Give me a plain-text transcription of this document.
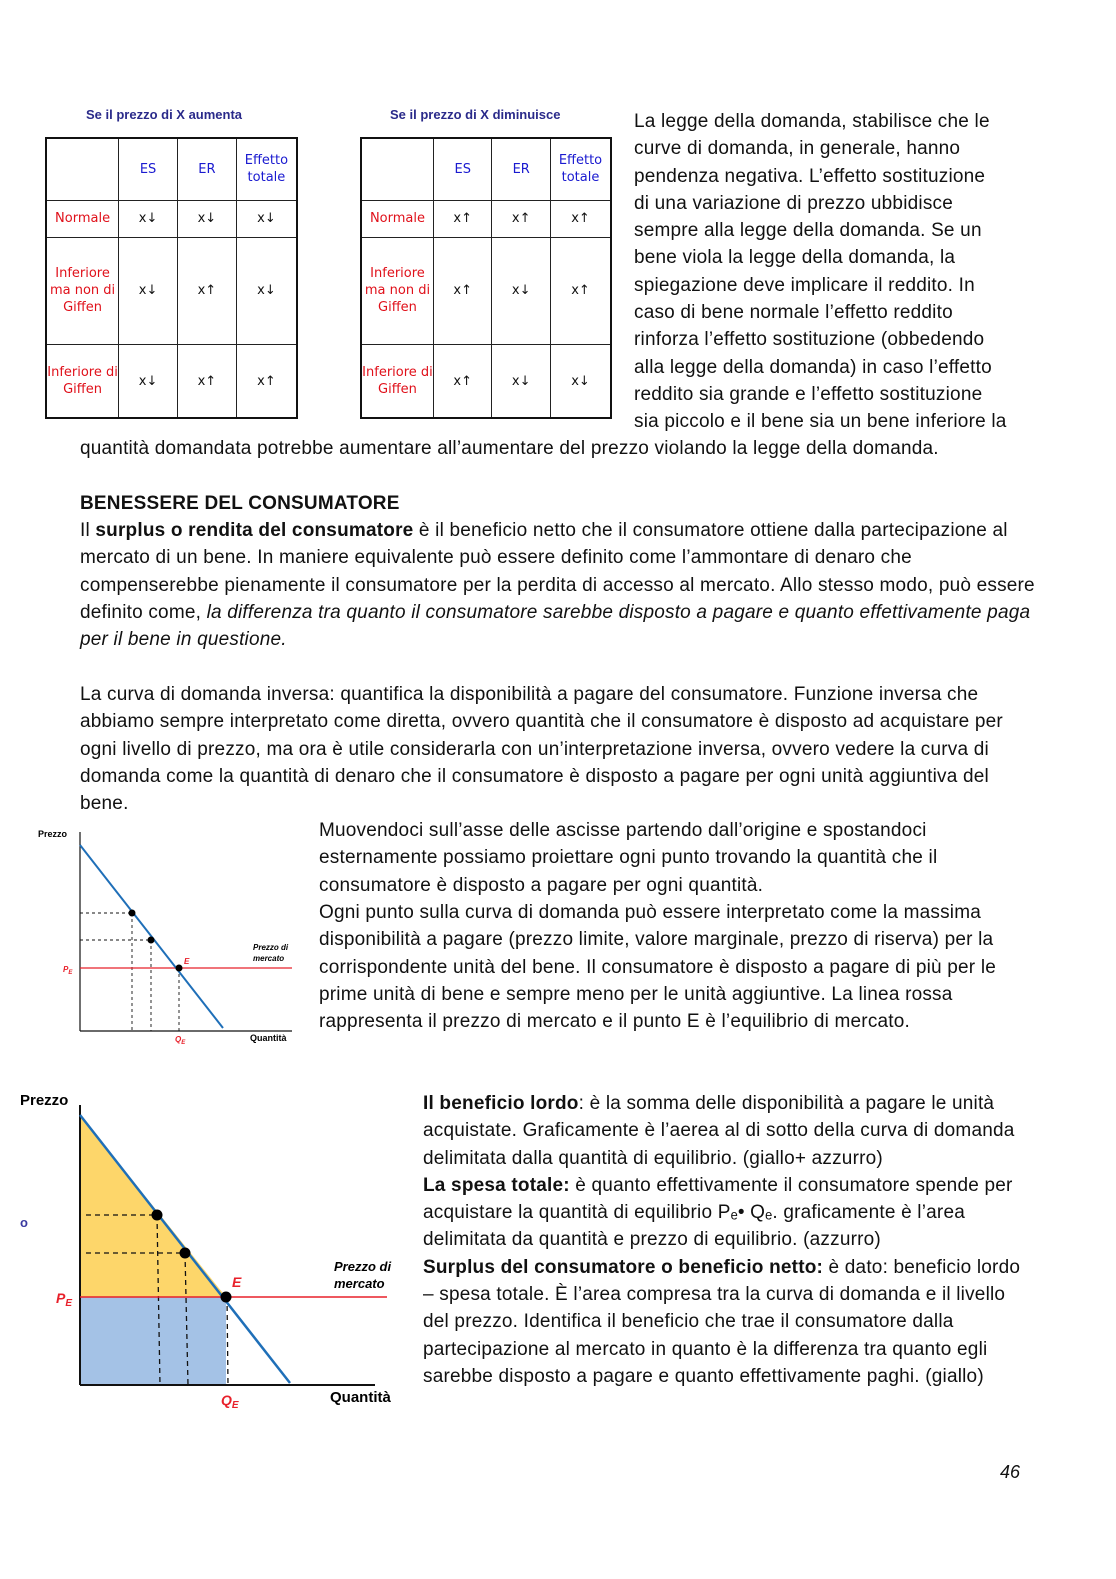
Se il prezzo di X aumenta
	ES	ER	Effetto totale
Normale	x↓	x↓	x↓
Inferiore ma non di Giffen	x↓	x↑	x↓
Inferiore di Giffen	x↓	x↑	x↑
Se il prezzo di X diminuisce
	ES	ER	Effetto totale
Normale	x↑	x↑	x↑
Inferiore ma non di Giffen	x↑	x↓	x↑
Inferiore di Giffen	x↑	x↓	x↓
La legge della domanda, stabilisce che le
curve di domanda, in generale, hanno
pendenza negativa. L’effetto sostituzione
di una variazione di prezzo ubbidisce
sempre alla legge della domanda. Se un
bene viola la legge della domanda, la
spiegazione deve implicare il reddito. In
caso di bene normale l’effetto reddito
rinforza l’effetto sostituzione (obbedendo
alla legge della domanda) in caso l’effetto
reddito sia grande e l’effetto sostituzione
sia piccolo e il bene sia un bene inferiore la
quantità domandata potrebbe aumentare all’aumentare del prezzo violando la legge della domanda.
BENESSERE DEL CONSUMATORE
Il surplus o rendita del consumatore è il beneficio netto che il consumatore ottiene dalla partecipazione al mercato di un bene. In maniere equivalente può essere definito come l’ammontare di denaro che compenserebbe pienamente il consumatore per la perdita di accesso al mercato. Allo stesso modo, può essere definito come, la differenza tra quanto il consumatore sarebbe disposto a pagare e quanto effettivamente paga per il bene in questione.
La curva di domanda inversa: quantifica la disponibilità a pagare del consumatore. Funzione inversa che abbiamo sempre interpretato come diretta, ovvero quantità che il consumatore è disposto ad acquistare per ogni livello di prezzo, ma ora è utile considerarla con un’interpretazione inversa, ovvero vedere la curva di domanda come la quantità di denaro che il consumatore è disposto a pagare per ogni unità aggiuntiva del bene.
Prezzo
Quantità
$P_E$
$Q_E$
E
Prezzo di
mercato
Muovendoci sull’asse delle ascisse partendo dall’origine e spostandoci esternamente possiamo proiettare ogni punto trovando la quantità che il consumatore è disposto a pagare per ogni quantità.
Ogni punto sulla curva di domanda può essere interpretato come la massima disponibilità a pagare (prezzo limite, valore marginale, prezzo di riserva) per la corrispondente unità del bene. Il consumatore è disposto a pagare di più per le prime unità di bene e sempre meno per le unità aggiuntive. La linea rossa rappresenta il prezzo di mercato e il punto E è l’equilibrio di mercato.
Prezzo
Quantità
o
$P_E$
$Q_E$
E
Prezzo di
mercato
Il beneficio lordo: è la somma delle disponibilità a pagare le unità acquistate. Graficamente è l’aerea al di sotto della curva di domanda delimitata dalla quantità di equilibrio. (giallo+ azzurro)
La spesa totale: è quanto effettivamente il consumatore spende per acquistare la quantità di equilibrio Pₑ• Qₑ. graficamente è l’area delimitata da quantità e prezzo di equilibrio. (azzurro)
Surplus del consumatore o beneficio netto: è dato: beneficio lordo – spesa totale. È l’area compresa tra la curva di domanda e il livello del prezzo. Identifica il beneficio che trae il consumatore dalla partecipazione al mercato in quanto è la differenza tra quanto egli sarebbe disposto a pagare e quanto effettivamente paghi. (giallo)
46
